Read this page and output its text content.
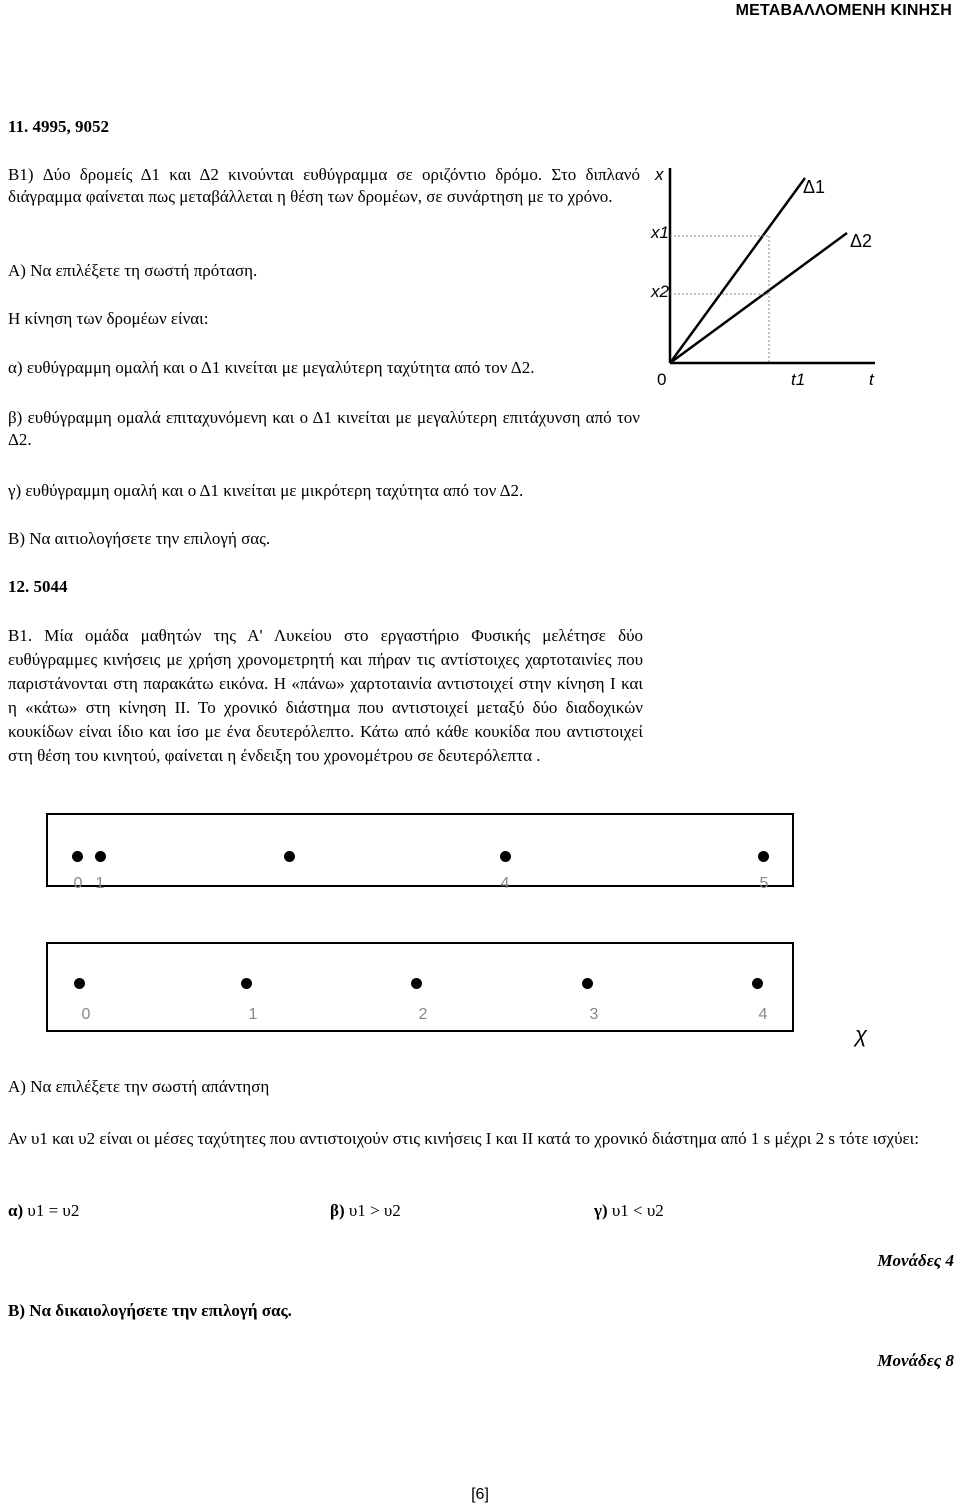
ΜΕΤΑΒΑΛΛΟΜΕΝΗ ΚΙΝΗΣΗ
11. 4995, 9052
B1) Δύο δρομείς Δ1 και Δ2 κινούνται ευθύγραμμα σε οριζόντιο δρόμο. Στο διπλανό διάγραμμα φαίνεται πως μεταβάλλεται η θέση των δρομέων, σε συνάρτηση με το χρόνο.
Α) Να επιλέξετε τη σωστή πρόταση.
Η κίνηση των δρομέων είναι:
α) ευθύγραμμη ομαλή και ο Δ1 κινείται με μεγαλύτερη ταχύτητα από τον Δ2.
β) ευθύγραμμη ομαλά επιταχυνόμενη και ο Δ1 κινείται με μεγαλύτερη επιτάχυνση από τον Δ2.
γ) ευθύγραμμη ομαλή και ο Δ1 κινείται με μικρότερη ταχύτητα από τον Δ2.
Β) Να αιτιολογήσετε την επιλογή σας.
x
x1
x2
0	t1	t
Δ1
Δ2
12. 5044
Β1. Μία ομάδα μαθητών της Α' Λυκείου στο εργαστήριο Φυσικής μελέτησε δύο ευθύγραμμες κινήσεις με χρήση χρονομετρητή και πήραν τις αντίστοιχες χαρτοταινίες που παριστάνονται στη παρακάτω εικόνα. Η «πάνω» χαρτοταινία αντιστοιχεί στην κίνηση Ι και η «κάτω» στη κίνηση ΙΙ. Το χρονικό διάστημα που αντιστοιχεί μεταξύ δύο διαδοχικών κουκίδων είναι ίδιο και ίσο με ένα δευτερόλεπτο. Κάτω από κάθε κουκίδα που αντιστοιχεί στη θέση του κινητού, φαίνεται η ένδειξη του χρονομέτρου σε δευτερόλεπτα .
0 1	4	5
0	1	2	3	4
χ
Α) Να επιλέξετε την σωστή απάντηση
Αν υ1 και υ2 είναι οι μέσες ταχύτητες που αντιστοιχούν στις κινήσεις Ι και ΙΙ κατά το χρονικό διάστημα από 1 s μέχρι 2 s τότε ισχύει:
α) υ1 = υ2	β) υ1 > υ2	γ) υ1 < υ2
Μονάδες 4
Β) Να δικαιολογήσετε την επιλογή σας.
Μονάδες 8
[6]
